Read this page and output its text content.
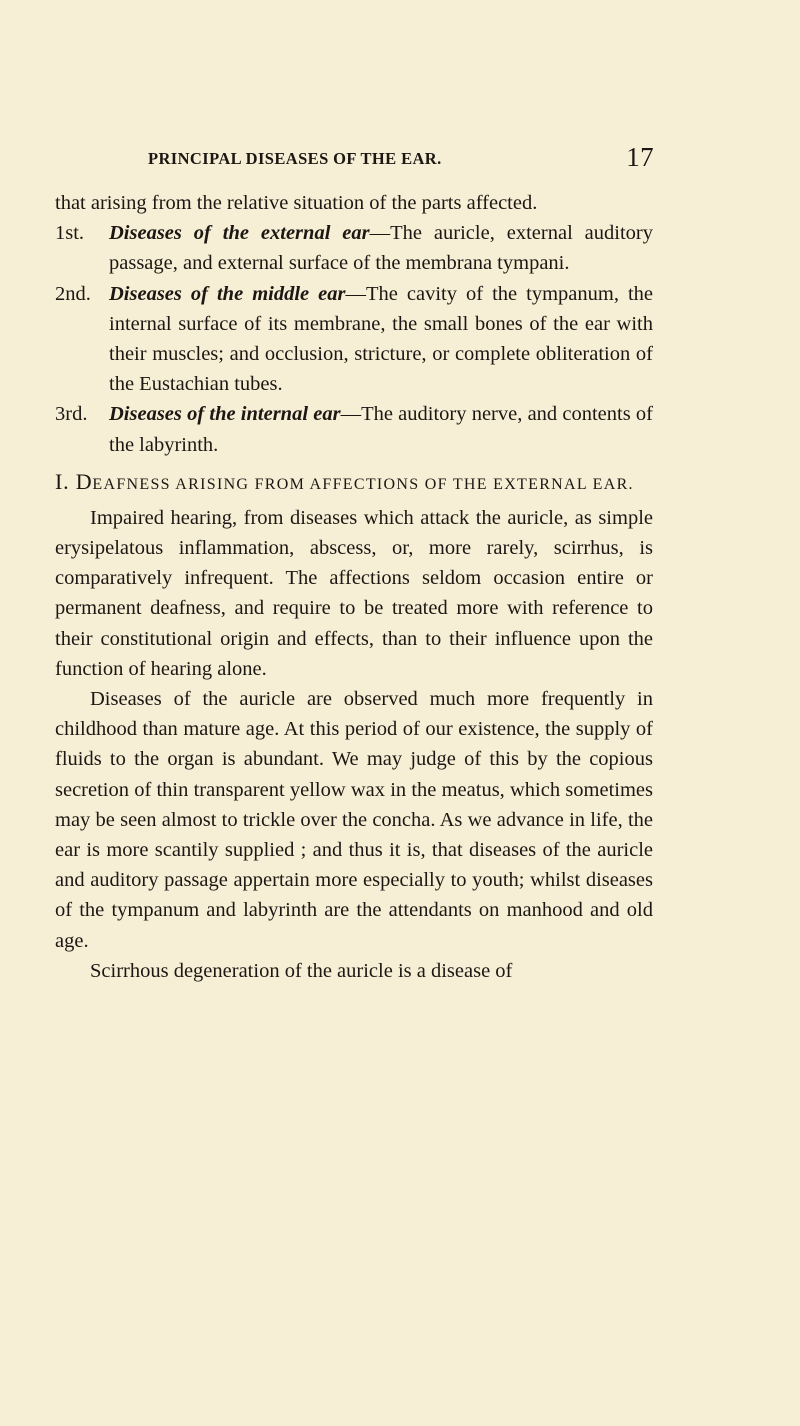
PRINCIPAL DISEASES OF THE EAR.	17

that arising from the relative situation of the parts affected.

1st. Diseases of the external ear—The auricle, external auditory passage, and external surface of the membrana tympani.

2nd. Diseases of the middle ear—The cavity of the tympanum, the internal surface of its membrane, the small bones of the ear with their muscles; and occlusion, stricture, or complete obliteration of the Eustachian tubes.

3rd. Diseases of the internal ear—The auditory nerve, and contents of the labyrinth.

I. DEAFNESS ARISING FROM AFFECTIONS OF THE EXTERNAL EAR.

Impaired hearing, from diseases which attack the auricle, as simple erysipelatous inflammation, abscess, or, more rarely, scirrhus, is comparatively infrequent. The affections seldom occasion entire or permanent deafness, and require to be treated more with reference to their constitutional origin and effects, than to their influence upon the function of hearing alone.

Diseases of the auricle are observed much more frequently in childhood than mature age. At this period of our existence, the supply of fluids to the organ is abundant. We may judge of this by the copious secretion of thin transparent yellow wax in the meatus, which sometimes may be seen almost to trickle over the concha. As we advance in life, the ear is more scantily supplied ; and thus it is, that diseases of the auricle and auditory passage appertain more especially to youth; whilst diseases of the tympanum and labyrinth are the attendants on manhood and old age.

Scirrhous degeneration of the auricle is a disease of
